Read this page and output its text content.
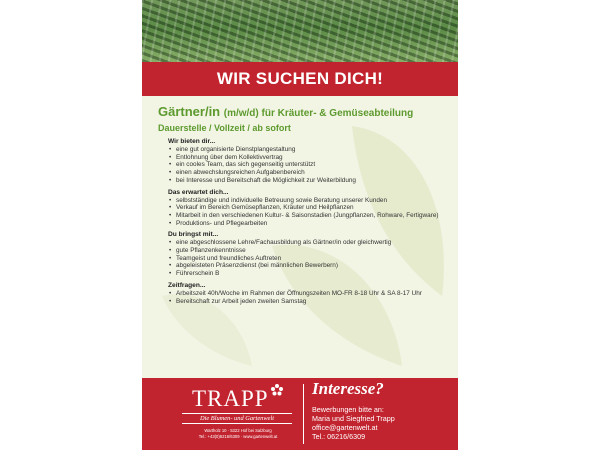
WIR SUCHEN DICH!
Gärtner/in (m/w/d) für Kräuter- & Gemüseabteilung
Dauerstelle / Vollzeit / ab sofort
Wir bieten dir...
• eine gut organisierte Dienstplangestaltung
• Entlohnung über dem Kollektivvertrag
• ein cooles Team, das sich gegenseitig unterstützt
• einen abwechslungsreichen Aufgabenbereich
• bei Interesse und Bereitschaft die Möglichkeit zur Weiterbildung
Das erwartet dich...
• selbstständige und individuelle Betreuung sowie Beratung unserer Kunden
• Verkauf im Bereich Gemüsepflanzen, Kräuter und Heilpflanzen
• Mitarbeit in den verschiedenen Kultur- & Saisonstadien (Jungpflanzen, Rohware, Fertigware)
• Produktions- und Pflegearbeiten
Du bringst mit...
• eine abgeschlossene Lehre/Fachausbildung als Gärtner/in oder gleichwertig
• gute Pflanzenkenntnisse
• Teamgeist und freundliches Auftreten
• abgeleisteten Präsenzdienst (bei männlichen Bewerbern)
• Führerschein B
Zeitfragen...
• Arbeitszeit 40h/Woche im Rahmen der Öffnungszeiten MO-FR 8-18 Uhr & SA 8-17 Uhr
• Bereitschaft zur Arbeit jeden zweiten Samstag
TRAPP
Die Blumen- und Gartenwelt
Wartholz 10 · 5322 Hof bei Salzburg
Tel.: +43(0)6216/6309 · www.gartenwelt.at
Interesse?
Bewerbungen bitte an:
Maria und Siegfried Trapp
office@gartenwelt.at
Tel.: 06216/6309
